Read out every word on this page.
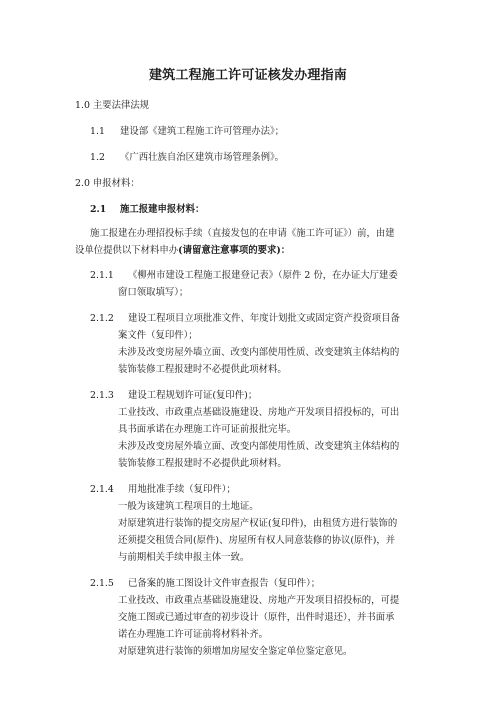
建筑工程施工许可证核发办理指南
1.0 主要法律法规
1.1 建设部《建筑工程施工许可管理办法》；
1.2 《广西壮族自治区建筑市场管理条例》。
2.0 申报材料：
2.1 施工报建申报材料：
施工报建在办理招投标手续（直接发包的在申请《施工许可证》）前，由建
设单位提供以下材料申办(请留意注意事项的要求)：
2.1.1 《柳州市建设工程施工报建登记表》（原件 2 份，在办证大厅建委
窗口领取填写）；
2.1.2 建设工程项目立项批准文件、年度计划批文或固定资产投资项目备
案文件（复印件）；
未涉及改变房屋外墙立面、改变内部使用性质、改变建筑主体结构的
装饰装修工程报建时不必提供此项材料。
2.1.3 建设工程规划许可证(复印件)；
工业技改、市政重点基础设施建设、房地产开发项目招投标的，可出
具书面承诺在办理施工许可证前报批完毕。
未涉及改变房屋外墙立面、改变内部使用性质、改变建筑主体结构的
装饰装修工程报建时不必提供此项材料。
2.1.4 用地批准手续（复印件）；
一般为该建筑工程项目的土地证。
对原建筑进行装饰的提交房屋产权证(复印件)，由租赁方进行装饰的
还须提交租赁合同(原件)、房屋所有权人同意装修的协议(原件)，并
与前期相关手续申报主体一致。
2.1.5 已备案的施工图设计文件审查报告（复印件）；
工业技改、市政重点基础设施建设、房地产开发项目招投标的，可提
交施工图或已通过审查的初步设计（原件，出件时退还），并书面承
诺在办理施工许可证前将材料补齐。
对原建筑进行装饰的须增加房屋安全鉴定单位鉴定意见。
